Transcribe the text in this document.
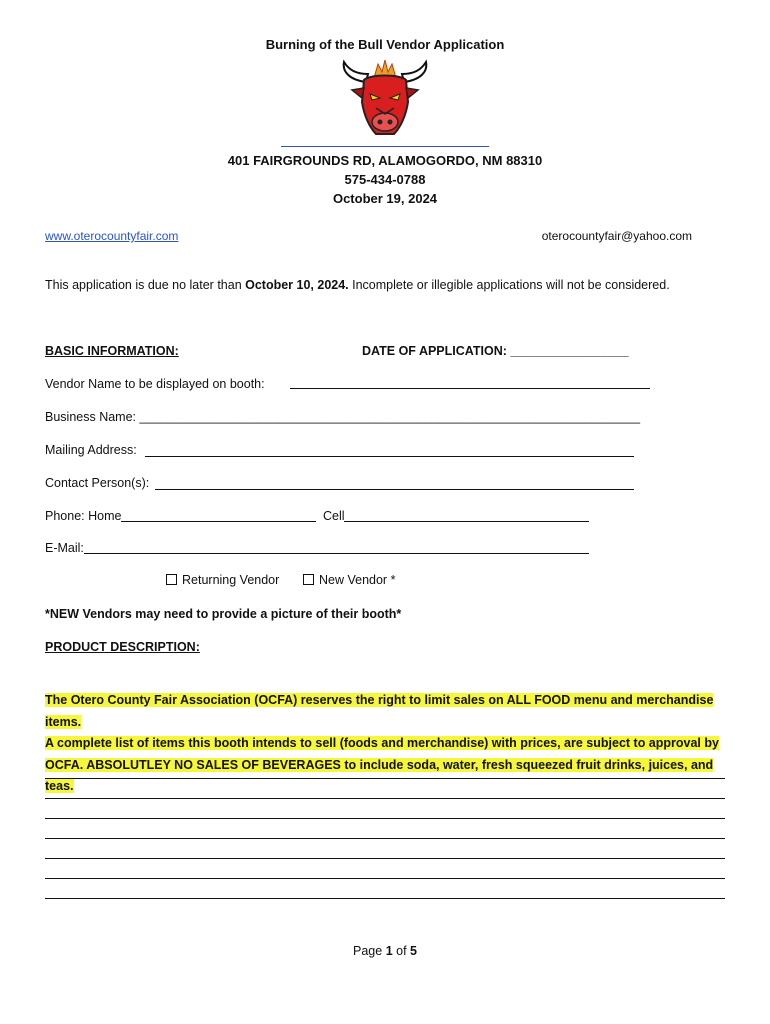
Burning of the Bull Vendor Application
401 FAIRGROUNDS RD, ALAMOGORDO, NM 88310
575-434-0788
October 19, 2024
www.oterocountyfair.com	oterocountyfair@yahoo.com
This application is due no later than October 10, 2024. Incomplete or illegible applications will not be considered.
BASIC INFORMATION:	DATE OF APPLICATION: _________________
Vendor Name to be displayed on booth:
Business Name: ________________________________________________________________________
Mailing Address:
Contact Person(s):
Phone: Home	Cell
E-Mail:
Returning Vendor	New Vendor *
*NEW Vendors may need to provide a picture of their booth*
PRODUCT DESCRIPTION:
The Otero County Fair Association (OCFA) reserves the right to limit sales on ALL FOOD menu and merchandise items.
A complete list of items this booth intends to sell (foods and merchandise) with prices, are subject to approval by
OCFA. ABSOLUTLEY NO SALES OF BEVERAGES to include soda, water, fresh squeezed fruit drinks, juices, and teas.
Page 1 of 5
